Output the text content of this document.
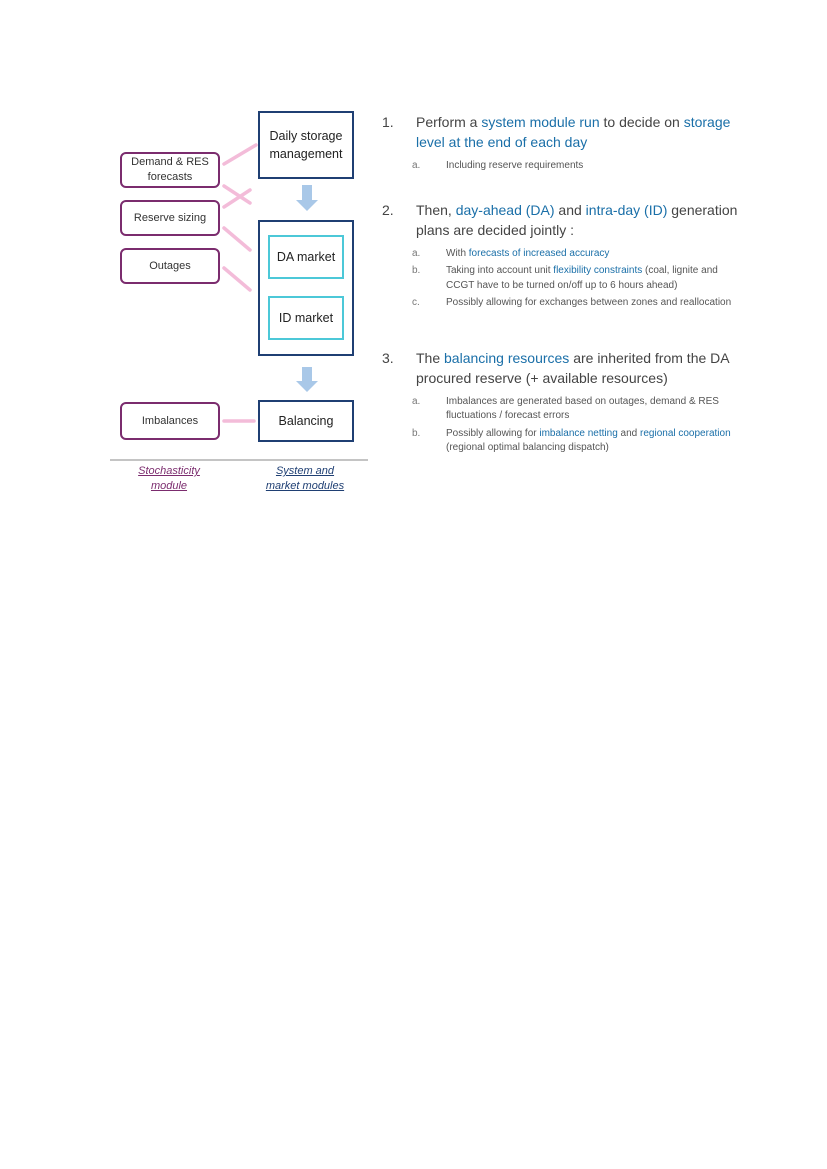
Demand & RES
forecasts
Reserve sizing
Outages
Imbalances
Daily storage
management
DA market
ID market
Balancing
Stochasticity
module
System and
market modules
1.	Perform a system module run to decide on storage level at the end of each day
a.	Including reserve requirements
2.	Then, day-ahead (DA) and intra-day (ID) generation plans are decided jointly :
a.	With forecasts of increased accuracy
b.	Taking into account unit flexibility constraints (coal, lignite and CCGT have to be turned on/off up to 6 hours ahead)
c.	Possibly allowing for exchanges between zones and reallocation
3.	The balancing resources are inherited from the DA procured reserve (+ available resources)
a.	Imbalances are generated based on outages, demand & RES fluctuations / forecast errors
b.	Possibly allowing for imbalance netting and regional cooperation (regional optimal balancing dispatch)
